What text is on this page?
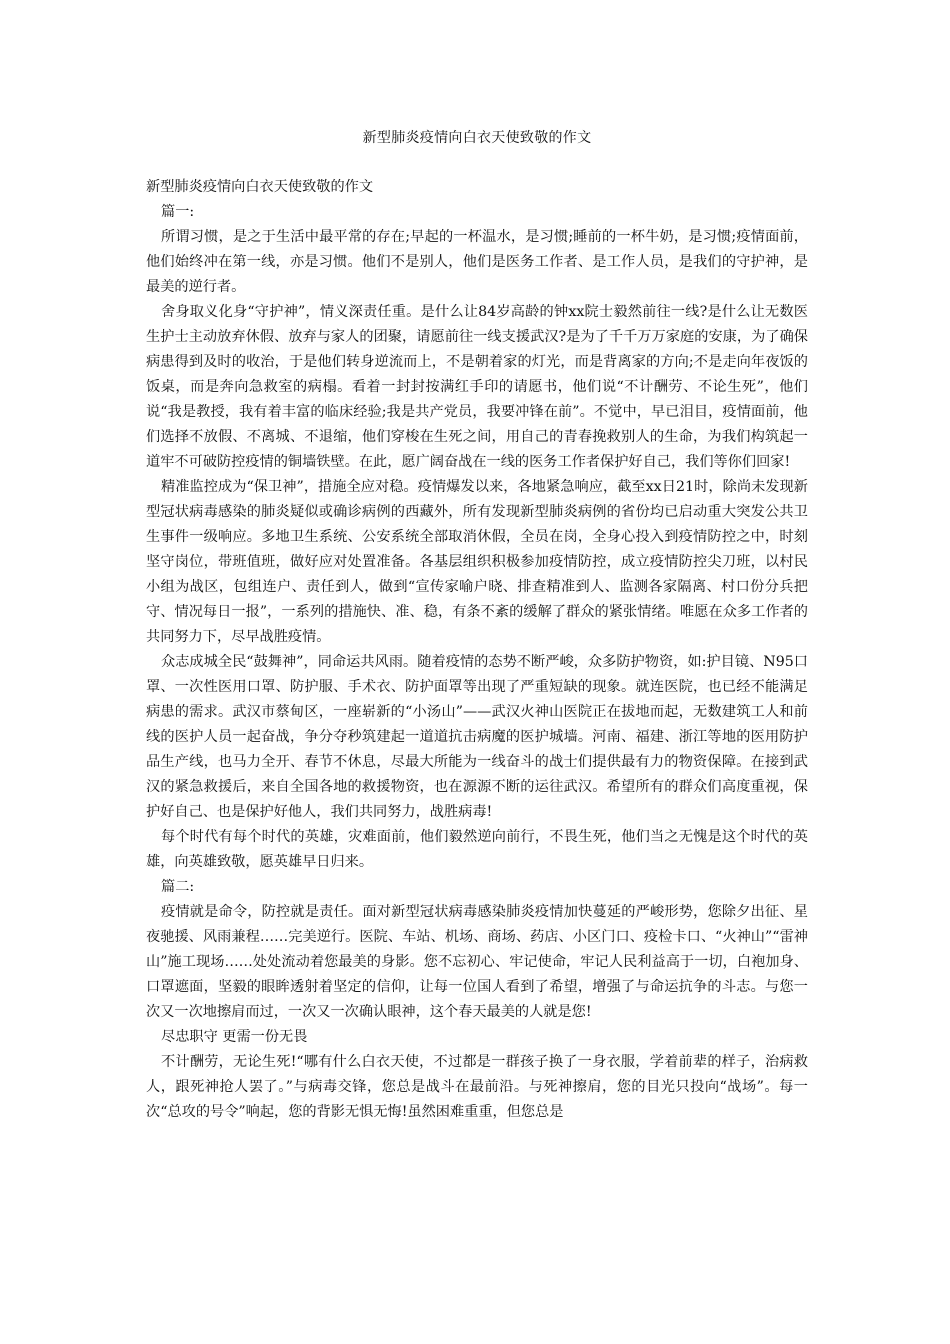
新型肺炎疫情向白衣天使致敬的作文

新型肺炎疫情向白衣天使致敬的作文

篇一:

所谓习惯，是之于生活中最平常的存在;早起的一杯温水，是习惯;睡前的一杯牛奶，是习惯;疫情面前，他们始终冲在第一线，亦是习惯。他们不是别人，他们是医务工作者、是工作人员，是我们的守护神，是最美的逆行者。

舍身取义化身“守护神”，情义深责任重。是什么让84岁高龄的钟xx院士毅然前往一线?是什么让无数医生护士主动放弃休假、放弃与家人的团聚，请愿前往一线支援武汉?是为了千千万万家庭的安康，为了确保病患得到及时的收治，于是他们转身逆流而上，不是朝着家的灯光，而是背离家的方向;不是走向年夜饭的饭桌，而是奔向急救室的病榻。看着一封封按满红手印的请愿书，他们说“不计酬劳、不论生死”，他们说“我是教授，我有着丰富的临床经验;我是共产党员，我要冲锋在前”。不觉中，早已泪目，疫情面前，他们选择不放假、不离城、不退缩，他们穿梭在生死之间，用自己的青春挽救别人的生命，为我们构筑起一道牢不可破防控疫情的铜墙铁壁。在此，愿广阔奋战在一线的医务工作者保护好自己，我们等你们回家!

精准监控成为“保卫神”，措施全应对稳。疫情爆发以来，各地紧急响应，截至xx日21时，除尚未发现新型冠状病毒感染的肺炎疑似或确诊病例的西藏外，所有发现新型肺炎病例的省份均已启动重大突发公共卫生事件一级响应。多地卫生系统、公安系统全部取消休假，全员在岗，全身心投入到疫情防控之中，时刻坚守岗位，带班值班，做好应对处置准备。各基层组织积极参加疫情防控，成立疫情防控尖刀班，以村民小组为战区，包组连户、责任到人，做到“宣传家喻户晓、排查精准到人、监测各家隔离、村口份分兵把守、情况每日一报”，一系列的措施快、准、稳，有条不紊的缓解了群众的紧张情绪。唯愿在众多工作者的共同努力下，尽早战胜疫情。

众志成城全民“鼓舞神”，同命运共风雨。随着疫情的态势不断严峻，众多防护物资，如:护目镜、N95口罩、一次性医用口罩、防护服、手术衣、防护面罩等出现了严重短缺的现象。就连医院，也已经不能满足病患的需求。武汉市蔡甸区，一座崭新的“小汤山”——武汉火神山医院正在拔地而起，无数建筑工人和前线的医护人员一起奋战，争分夺秒筑建起一道道抗击病魔的医护城墙。河南、福建、浙江等地的医用防护品生产线，也马力全开、春节不休息，尽最大所能为一线奋斗的战士们提供最有力的物资保障。在接到武汉的紧急救援后，来自全国各地的救援物资，也在源源不断的运往武汉。希望所有的群众们高度重视，保护好自己、也是保护好他人，我们共同努力，战胜病毒!

每个时代有每个时代的英雄，灾难面前，他们毅然逆向前行，不畏生死，他们当之无愧是这个时代的英雄，向英雄致敬，愿英雄早日归来。

篇二:

疫情就是命令，防控就是责任。面对新型冠状病毒感染肺炎疫情加快蔓延的严峻形势，您除夕出征、星夜驰援、风雨兼程……完美逆行。医院、车站、机场、商场、药店、小区门口、疫检卡口、“火神山”“雷神山”施工现场……处处流动着您最美的身影。您不忘初心、牢记使命，牢记人民利益高于一切，白袍加身、口罩遮面，坚毅的眼眸透射着坚定的信仰，让每一位国人看到了希望，增强了与命运抗争的斗志。与您一次又一次地擦肩而过，一次又一次确认眼神，这个春天最美的人就是您!

尽忠职守 更需一份无畏

不计酬劳，无论生死!“哪有什么白衣天使，不过都是一群孩子换了一身衣服，学着前辈的样子，治病救人，跟死神抢人罢了。”与病毒交锋，您总是战斗在最前沿。与死神擦肩，您的目光只投向“战场”。每一次“总攻的号令”响起，您的背影无惧无悔!虽然困难重重，但您总是
